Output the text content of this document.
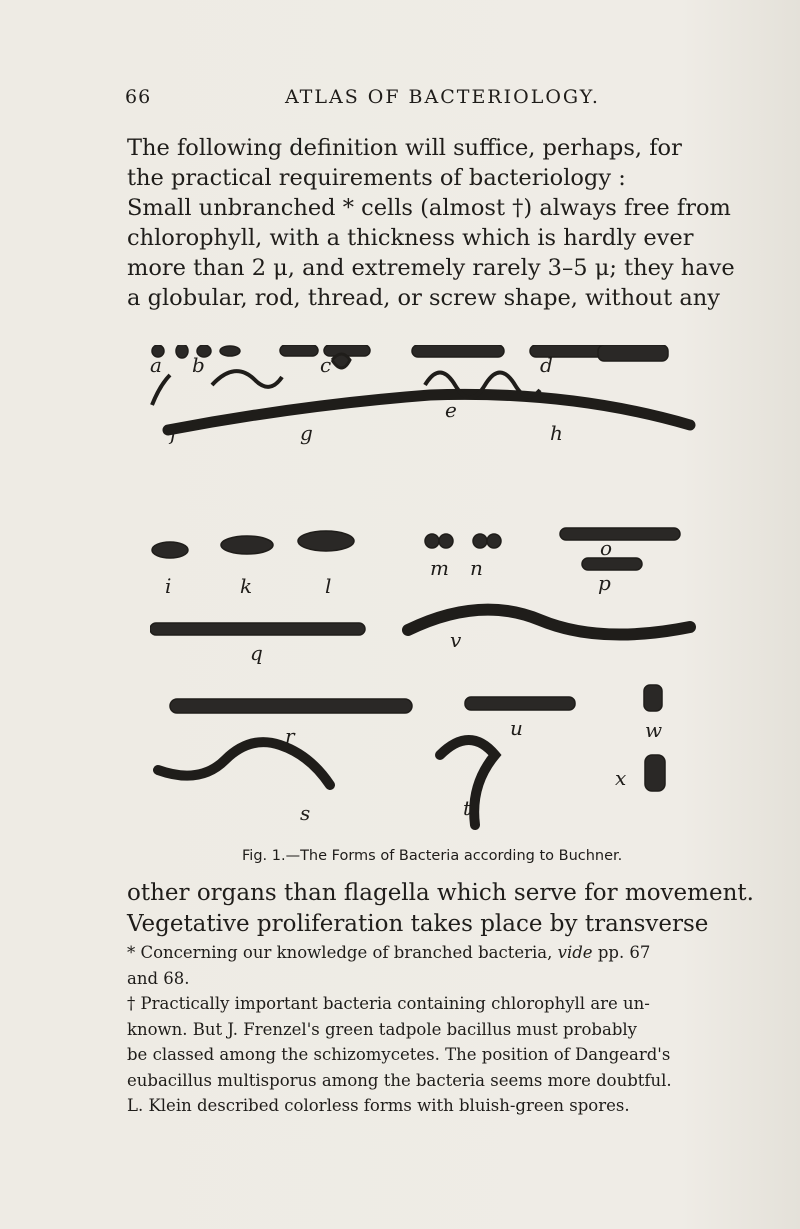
66	ATLAS OF BACTERIOLOGY.
The following definition will suffice, perhaps, for
the practical requirements of bacteriology :
Small unbranched * cells (almost †) always free from
chlorophyll, with a thickness which is hardly ever
more than 2 μ, and extremely rarely 3–5 μ; they have
a globular, rod, thread, or screw shape, without any
a b	c	d
e
f	g	h
i	k	l
m n
o
p
q
v
r	u	w
s	t
x
Fig. 1.—The Forms of Bacteria according to Buchner.
other organs than flagella which serve for movement.
Vegetative proliferation takes place by transverse
* Concerning our knowledge of branched bacteria, vide pp. 67
and 68.
† Practically important bacteria containing chlorophyll are un-
known. But J. Frenzel's green tadpole bacillus must probably
be classed among the schizomycetes. The position of Dangeard's
eubacillus multisporus among the bacteria seems more doubtful.
L. Klein described colorless forms with bluish-green spores.
